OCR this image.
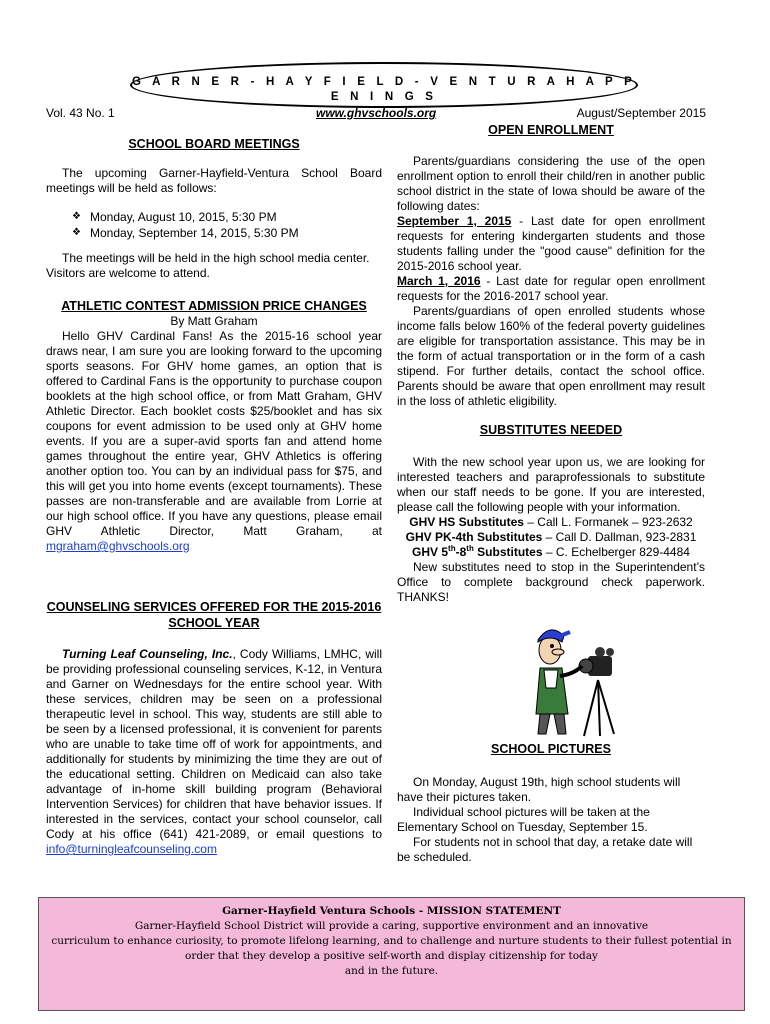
G A R N E R - H A Y F I E L D - V E N T U R A H A P P E N I N G S
Vol. 43 No. 1	www.ghvschools.org	August/September 2015
SCHOOL BOARD MEETINGS

The upcoming Garner-Hayfield-Ventura School Board meetings will be held as follows:

❖ Monday, August 10, 2015, 5:30 PM
❖ Monday, September 14, 2015, 5:30 PM

The meetings will be held in the high school media center. Visitors are welcome to attend.

ATHLETIC CONTEST ADMISSION PRICE CHANGES

By Matt Graham

Hello GHV Cardinal Fans! As the 2015-16 school year draws near, I am sure you are looking forward to the upcoming sports seasons. For GHV home games, an option that is offered to Cardinal Fans is the opportunity to purchase coupon booklets at the high school office, or from Matt Graham, GHV Athletic Director. Each booklet costs $25/booklet and has six coupons for event admission to be used only at GHV home events. If you are a super-avid sports fan and attend home games throughout the entire year, GHV Athletics is offering another option too. You can by an individual pass for $75, and this will get you into home events (except tournaments). These passes are non-transferable and are available from Lorrie at our high school office. If you have any questions, please email GHV Athletic Director, Matt Graham, at mgraham@ghvschools.org

COUNSELING SERVICES OFFERED FOR THE 2015-2016 SCHOOL YEAR

Turning Leaf Counseling, Inc., Cody Williams, LMHC, will be providing professional counseling services, K-12, in Ventura and Garner on Wednesdays for the entire school year. With these services, children may be seen on a professional therapeutic level in school. This way, students are still able to be seen by a licensed professional, it is convenient for parents who are unable to take time off of work for appointments, and additionally for students by minimizing the time they are out of the educational setting. Children on Medicaid can also take advantage of in-home skill building program (Behavioral Intervention Services) for children that have behavior issues. If interested in the services, contact your school counselor, call Cody at his office (641) 421-2089, or email questions to info@turningleafcounseling.com

OPEN ENROLLMENT

Parents/guardians considering the use of the open enrollment option to enroll their child/ren in another public school district in the state of Iowa should be aware of the following dates:

September 1, 2015 - Last date for open enrollment requests for entering kindergarten students and those students falling under the "good cause" definition for the 2015-2016 school year.

March 1, 2016 - Last date for regular open enrollment requests for the 2016-2017 school year.

Parents/guardians of open enrolled students whose income falls below 160% of the federal poverty guidelines are eligible for transportation assistance. This may be in the form of actual transportation or in the form of a cash stipend. For further details, contact the school office. Parents should be aware that open enrollment may result in the loss of athletic eligibility.

SUBSTITUTES NEEDED

With the new school year upon us, we are looking for interested teachers and paraprofessionals to substitute when our staff needs to be gone. If you are interested, please call the following people with your information.

GHV HS Substitutes – Call L. Formanek – 923-2632

GHV PK-4th Substitutes – Call D. Dallman, 923-2831

GHV 5th-8th Substitutes – C. Echelberger 829-4484

New substitutes need to stop in the Superintendent’s Office to complete background check paperwork. THANKS!

SCHOOL PICTURES

On Monday, August 19th, high school students will have their pictures taken.

Individual school pictures will be taken at the Elementary School on Tuesday, September 15.

For students not in school that day, a retake date will be scheduled.

Garner-Hayfield Ventura Schools - MISSION STATEMENT
Garner-Hayfield School District will provide a caring, supportive environment and an innovative
curriculum to enhance curiosity, to promote lifelong learning, and to challenge and nurture students to their fullest potential in
order that they develop a positive self-worth and display citizenship for today
and in the future.
